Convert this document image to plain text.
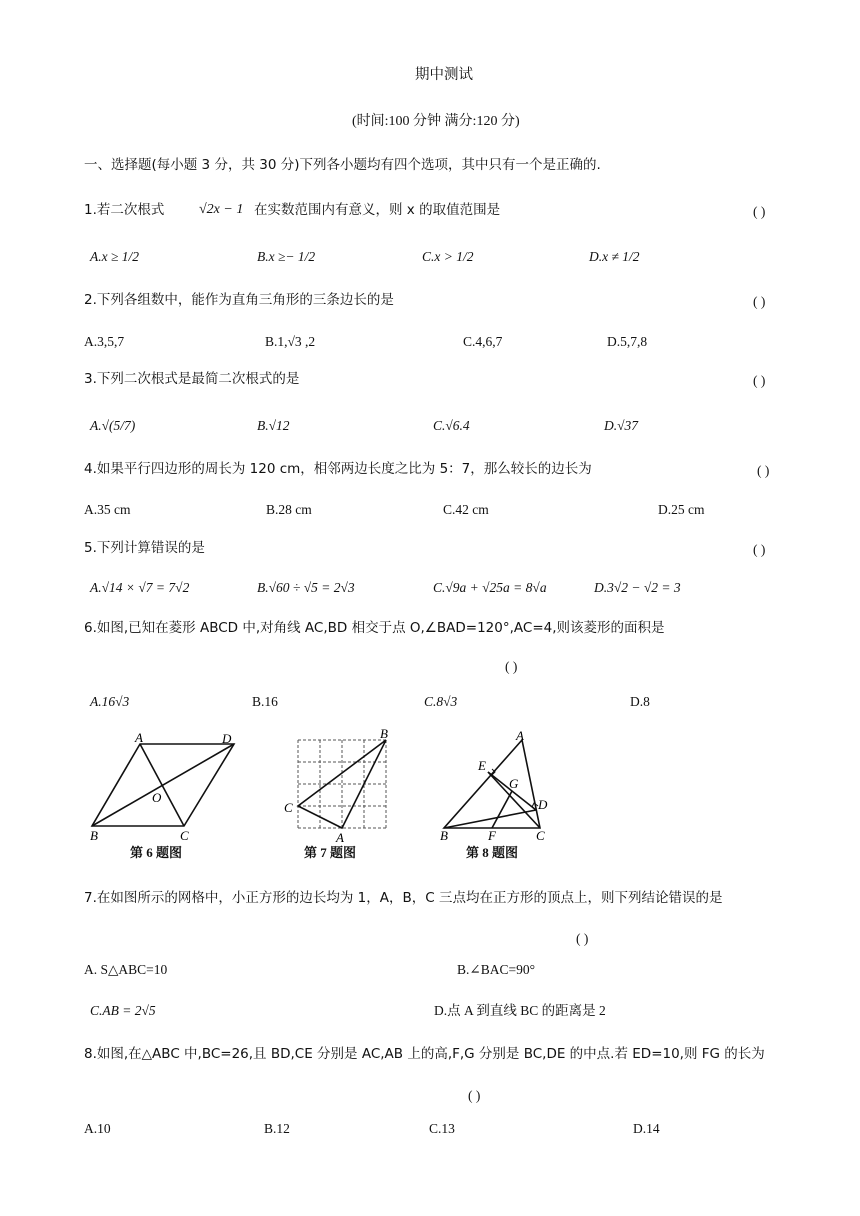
期中测试
(时间:100 分钟 满分:120 分)
一、选择题(每小题 3 分，共 30 分)下列各小题均有四个选项，其中只有一个是正确的.
1.若二次根式 √2x − 1 在实数范围内有意义，则 x 的取值范围是	( )
A.x ≥ 1/2	B.x ≥− 1/2	C.x > 1/2	D.x ≠ 1/2
2.下列各组数中，能作为直角三角形的三条边长的是	( )
A.3,5,7	B.1,√3 ,2	C.4,6,7	D.5,7,8
3.下列二次根式是最简二次根式的是	( )
A.√(5/7)	B.√12	C.√6.4	D.√37
4.如果平行四边形的周长为 120 cm，相邻两边长度之比为 5：7，那么较长的边长为	( )
A.35 cm	B.28 cm	C.42 cm	D.25 cm
5.下列计算错误的是	( )
A.√14 × √7 = 7√2	B.√60 ÷ √5 = 2√3	C.√9a + √25a = 8√a	D.3√2 − √2 = 3
6.如图,已知在菱形 ABCD 中,对角线 AC,BD 相交于点 O,∠BAD=120°,AC=4,则该菱形的面积是
( )
A.16√3	B.16	C.8√3	D.8
A	D
O
B	C
第 6 题图
B
C
A
第 7 题图
A
E
G
D
B	F	C
第 8 题图
7.在如图所示的网格中，小正方形的边长均为 1，A，B，C 三点均在正方形的顶点上，则下列结论错误的是
( )
A. S△ABC=10	B.∠BAC=90°
C.AB = 2√5	D.点 A 到直线 BC 的距离是 2
8.如图,在△ABC 中,BC=26,且 BD,CE 分别是 AC,AB 上的高,F,G 分别是 BC,DE 的中点.若 ED=10,则 FG 的长为
( )
A.10	B.12	C.13	D.14
